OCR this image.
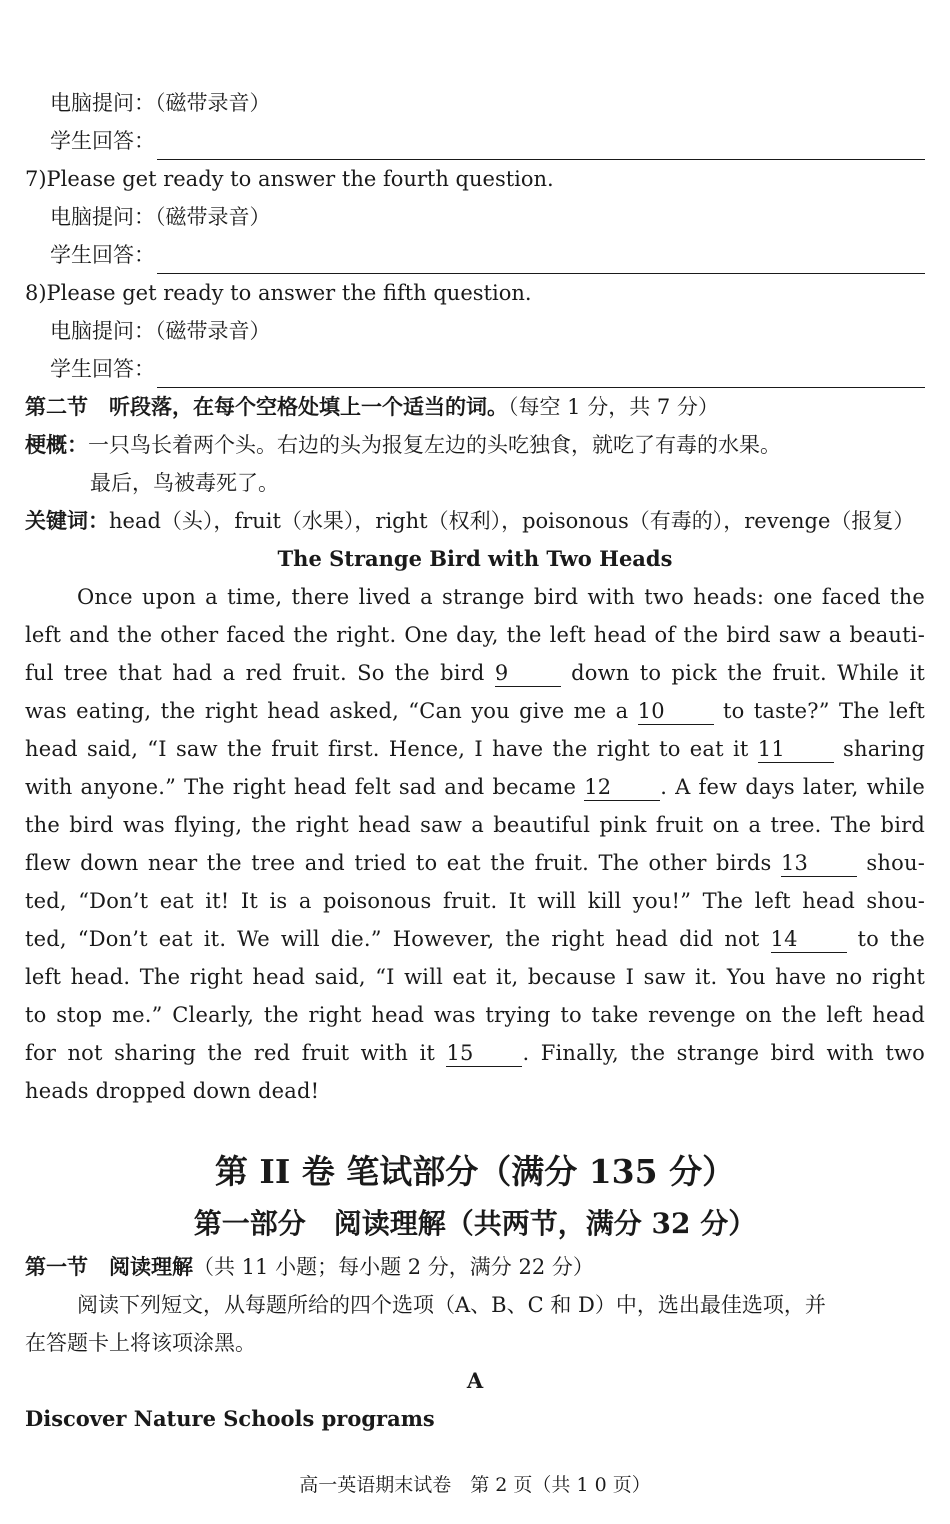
电脑提问：（磁带录音）
学生回答：
7)Please get ready to answer the fourth question.
电脑提问：（磁带录音）
学生回答：
8)Please get ready to answer the fifth question.
电脑提问：（磁带录音）
学生回答：
第二节　听段落，在每个空格处填上一个适当的词。（每空 1 分，共 7 分）
梗概：一只鸟长着两个头。右边的头为报复左边的头吃独食，就吃了有毒的水果。
最后，鸟被毒死了。
关键词：head（头），fruit（水果），right（权利），poisonous（有毒的），revenge（报复）
The Strange Bird with Two Heads
Once upon a time, there lived a strange bird with two heads: one faced the
left and the other faced the right. One day, the left head of the bird saw a beauti-
ful tree that had a red fruit. So the bird 9	down to pick the fruit. While it
was eating, the right head asked, “Can you give me a 10	to taste?” The left
head said, “I saw the fruit first. Hence, I have the right to eat it 11	sharing
with anyone.” The right head felt sad and became 12 . A few days later, while
the bird was flying, the right head saw a beautiful pink fruit on a tree. The bird
flew down near the tree and tried to eat the fruit. The other birds 13	shou-
ted, “Don’t eat it! It is a poisonous fruit. It will kill you!” The left head shou-
ted, “Don’t eat it. We will die.” However, the right head did not 14	to the
left head. The right head said, “I will eat it, because I saw it. You have no right
to stop me.” Clearly, the right head was trying to take revenge on the left head
for not sharing the red fruit with it 15 . Finally, the strange bird with two
heads dropped down dead!
第 II 卷 笔试部分（满分 135 分）
第一部分　阅读理解（共两节，满分 32 分）
第一节　阅读理解（共 11 小题；每小题 2 分，满分 22 分）
阅读下列短文，从每题所给的四个选项（A、B、C 和 D）中，选出最佳选项，并
在答题卡上将该项涂黑。
A
Discover Nature Schools programs
高一英语期末试卷　第 2 页（共 1 0 页）
